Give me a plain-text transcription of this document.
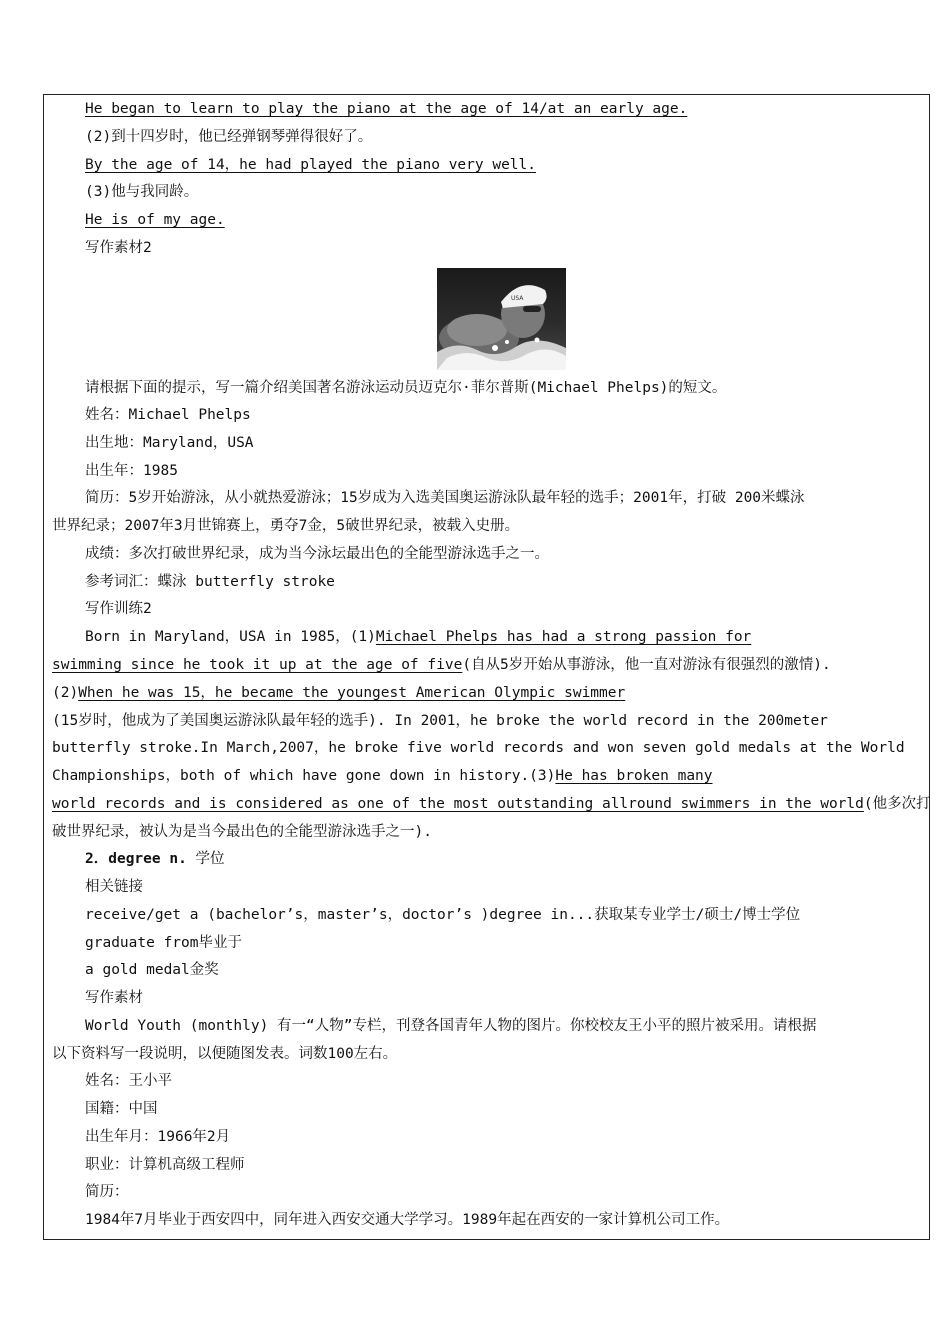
He began to learn to play the piano at the age of 14/at an early age.
(2)到十四岁时，他已经弹钢琴弹得很好了。
By the age of 14，he had played the piano very well.
(3)他与我同龄。
He is of my age.
写作素材2
USA
请根据下面的提示，写一篇介绍美国著名游泳运动员迈克尔·菲尔普斯(Michael Phelps)的短文。
姓名：Michael Phelps
出生地：Maryland，USA
出生年：1985
简历：5岁开始游泳，从小就热爱游泳；15岁成为入选美国奥运游泳队最年轻的选手；2001年，打破 200米蝶泳
世界纪录；2007年3月世锦赛上，勇夺7金，5破世界纪录，被载入史册。
成绩：多次打破世界纪录，成为当今泳坛最出色的全能型游泳选手之一。
参考词汇：蝶泳 butterfly stroke
写作训练2
Born in Maryland，USA in 1985，(1)Michael Phelps has had a strong passion for
swimming since he took it up at the age of five(自从5岁开始从事游泳，他一直对游泳有很强烈的激情).
(2)When he was 15，he became the youngest American Olympic swimmer
(15岁时，他成为了美国奥运游泳队最年轻的选手). In 2001，he broke the world record in the 200meter
butterfly stroke.In March,2007，he broke five world records and won seven gold medals at the World
Championships，both of which have gone down in history.(3)He has broken many
world records and is considered as one of the most outstanding allround swimmers in the world(他多次打
破世界纪录，被认为是当今最出色的全能型游泳选手之一).
2．degree n. 学位
相关链接
receive/get a (bachelor’s，master’s，doctor’s )degree in...获取某专业学士/硕士/博士学位
graduate from毕业于
a gold medal金奖
写作素材
World Youth (monthly) 有一“人物”专栏，刊登各国青年人物的图片。你校校友王小平的照片被采用。请根据
以下资料写一段说明，以便随图发表。词数100左右。
姓名：王小平
国籍：中国
出生年月：1966年2月
职业：计算机高级工程师
简历：
1984年7月毕业于西安四中，同年进入西安交通大学学习。1989年起在西安的一家计算机公司工作。
